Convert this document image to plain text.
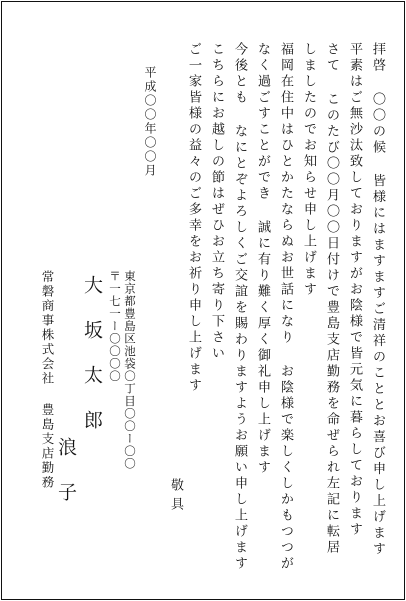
拝啓 〇〇の候 皆様にはますますご清祥のこととお喜び申し上げます
平素はご無沙汰致しておりますがお陰様で皆元気に暮らしております
さて このたび〇〇月〇〇日付けで豊島支店勤務を命ぜられ左記に転居
しましたのでお知らせ申し上げます
福岡在住中はひとかたならぬお世話になり お陰様で楽しくしかもつつが
なく過ごすことができ 誠に有り難く厚く御礼申し上げます
今後とも なにとぞよろしくご交誼を賜わりますようお願い申し上げます
こちらにお越しの節はぜひお立ち寄り下さい
ご一家皆様の益々のご多幸をお祈り申し上げます
敬具
平成〇〇年〇〇月
〒一七一ー〇〇〇〇 東京都豊島区池袋〇丁目〇〇ー〇〇
常磐商事株式会社 豊島支店勤務 大坂太郎
浪子
